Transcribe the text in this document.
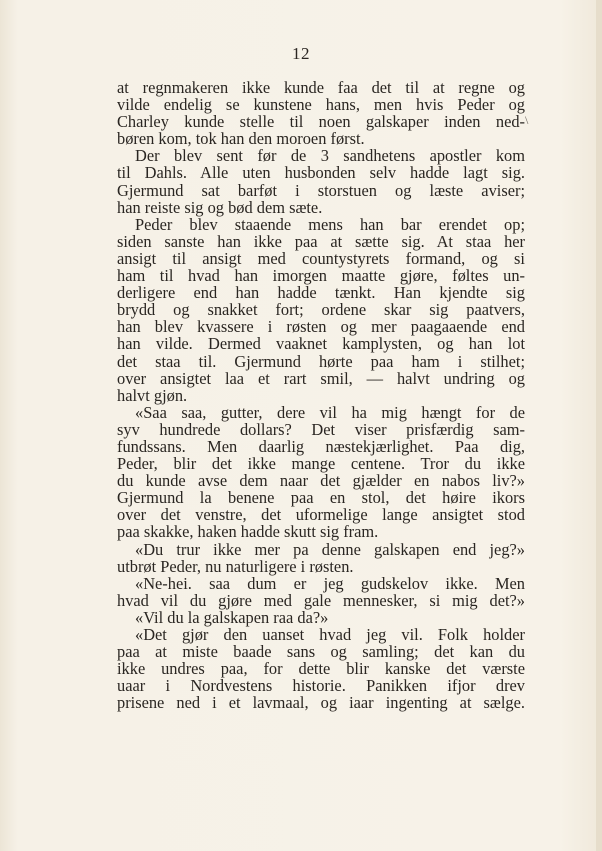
12
\
at regnmakeren ikke kunde faa det til at regne og
vilde endelig se kunstene hans, men hvis Peder og
Charley kunde stelle til noen galskaper inden ned-
børen kom, tok han den moroen først.
Der blev sent før de 3 sandhetens apostler kom
til Dahls. Alle uten husbonden selv hadde lagt sig.
Gjermund sat barføt i storstuen og læste aviser;
han reiste sig og bød dem sæte.
Peder blev staaende mens han bar erendet op;
siden sanste han ikke paa at sætte sig. At staa her
ansigt til ansigt med countystyrets formand, og si
ham til hvad han imorgen maatte gjøre, føltes un-
derligere end han hadde tænkt. Han kjendte sig
brydd og snakket fort; ordene skar sig paatvers,
han blev kvassere i røsten og mer paagaaende end
han vilde. Dermed vaaknet kamplysten, og han lot
det staa til. Gjermund hørte paa ham i stilhet;
over ansigtet laa et rart smil, — halvt undring og
halvt gjøn.
«Saa saa, gutter, dere vil ha mig hængt for de
syv hundrede dollars? Det viser prisfærdig sam-
fundssans. Men daarlig næstekjærlighet. Paa dig,
Peder, blir det ikke mange centene. Tror du ikke
du kunde avse dem naar det gjælder en nabos liv?»
Gjermund la benene paa en stol, det høire ikors
over det venstre, det uformelige lange ansigtet stod
paa skakke, haken hadde skutt sig fram.
«Du trur ikke mer pa denne galskapen end jeg?»
utbrøt Peder, nu naturligere i røsten.
«Ne-hei. saa dum er jeg gudskelov ikke. Men
hvad vil du gjøre med gale mennesker, si mig det?»
«Vil du la galskapen raa da?»
«Det gjør den uanset hvad jeg vil. Folk holder
paa at miste baade sans og samling; det kan du
ikke undres paa, for dette blir kanske det værste
uaar i Nordvestens historie. Panikken ifjor drev
prisene ned i et lavmaal, og iaar ingenting at sælge.
